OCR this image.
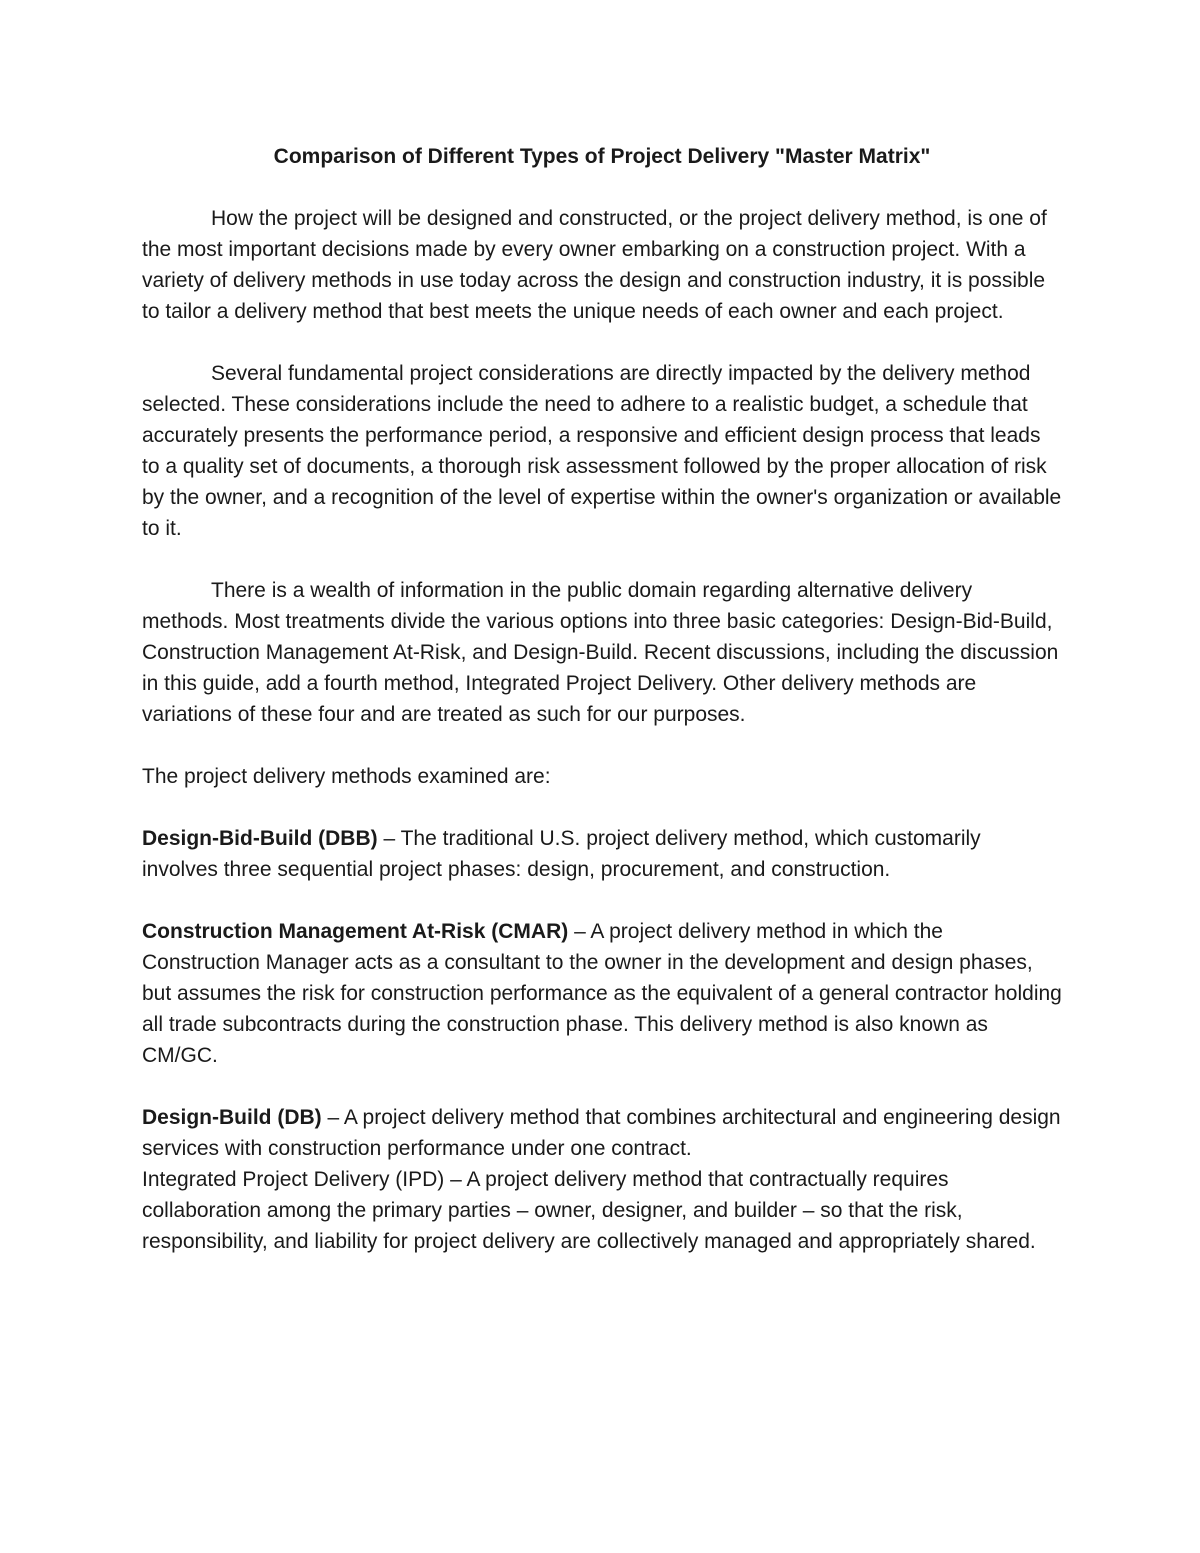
Comparison of Different Types of Project Delivery "Master Matrix"

How the project will be designed and constructed, or the project delivery method, is one of the most important decisions made by every owner embarking on a construction project. With a variety of delivery methods in use today across the design and construction industry, it is possible to tailor a delivery method that best meets the unique needs of each owner and each project.

Several fundamental project considerations are directly impacted by the delivery method selected. These considerations include the need to adhere to a realistic budget, a schedule that accurately presents the performance period, a responsive and efficient design process that leads to a quality set of documents, a thorough risk assessment followed by the proper allocation of risk by the owner, and a recognition of the level of expertise within the owner's organization or available to it.

There is a wealth of information in the public domain regarding alternative delivery methods. Most treatments divide the various options into three basic categories: Design-Bid-Build, Construction Management At-Risk, and Design-Build. Recent discussions, including the discussion in this guide, add a fourth method, Integrated Project Delivery. Other delivery methods are variations of these four and are treated as such for our purposes.

The project delivery methods examined are:

Design-Bid-Build (DBB) – The traditional U.S. project delivery method, which customarily involves three sequential project phases: design, procurement, and construction.

Construction Management At-Risk (CMAR) – A project delivery method in which the Construction Manager acts as a consultant to the owner in the development and design phases, but assumes the risk for construction performance as the equivalent of a general contractor holding all trade subcontracts during the construction phase. This delivery method is also known as CM/GC.

Design-Build (DB) – A project delivery method that combines architectural and engineering design services with construction performance under one contract.
Integrated Project Delivery (IPD) – A project delivery method that contractually requires collaboration among the primary parties – owner, designer, and builder – so that the risk, responsibility, and liability for project delivery are collectively managed and appropriately shared.
